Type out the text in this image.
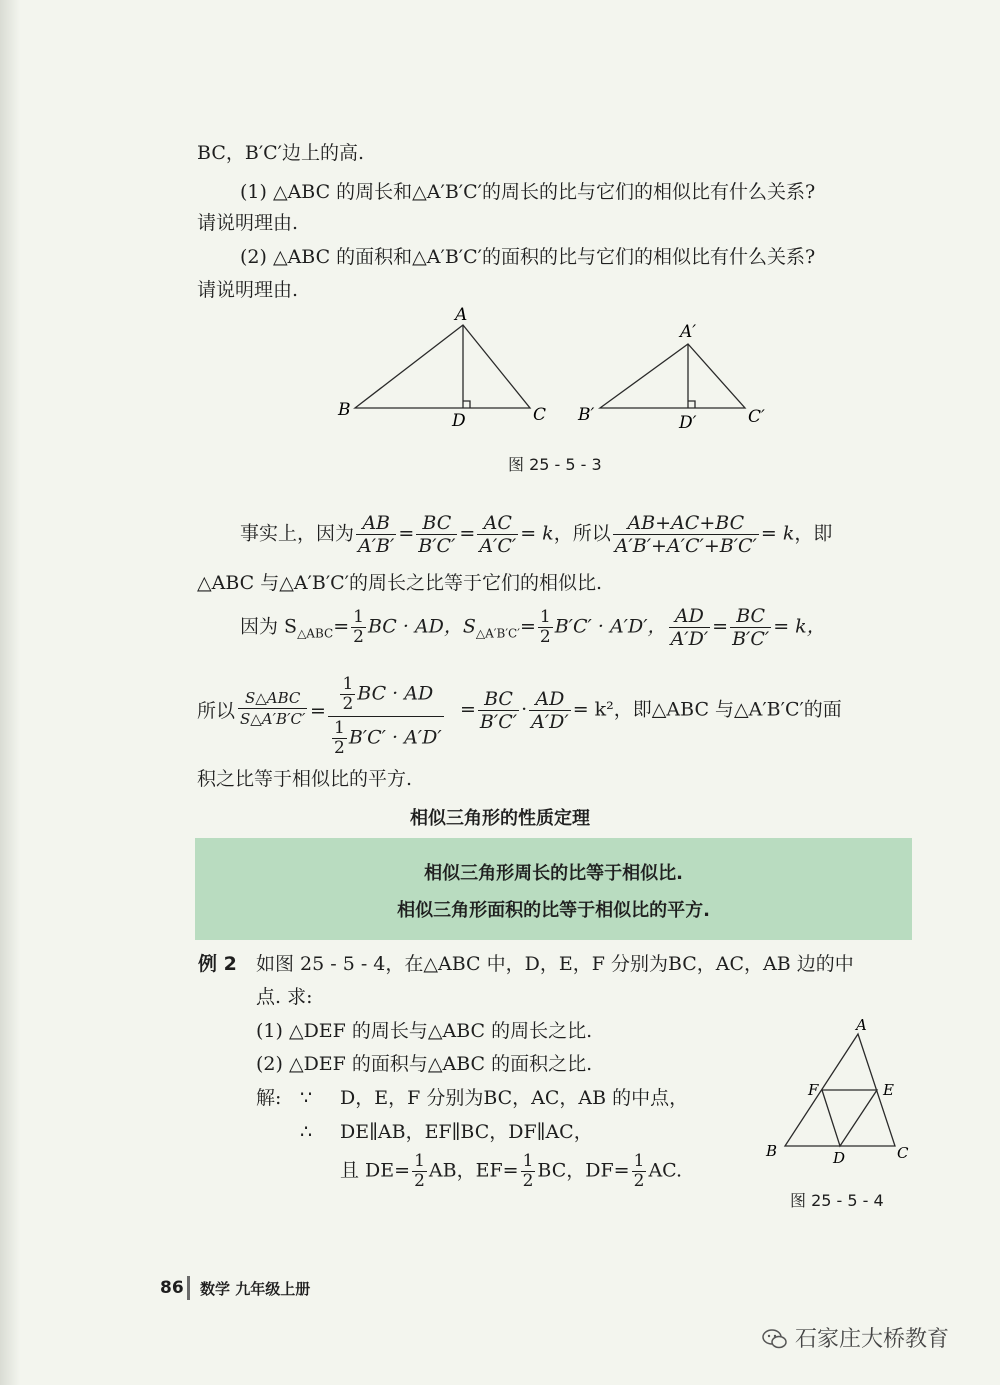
BC，B′C′边上的高.
(1) △ABC 的周长和△A′B′C′的周长的比与它们的相似比有什么关系?
请说明理由.
(2) △ABC 的面积和△A′B′C′的面积的比与它们的相似比有什么关系?
请说明理由.
A
B	C
D
A′
B′	C′
D′
图 25 - 5 - 3
事实上，因为 $\frac{AB}{A'B'} = \frac{BC}{B'C'} = \frac{AC}{A'C'} = k$，所以 $\frac{AB+AC+BC}{A'B'+A'C'+B'C'} = k$，即
△ABC 与△A′B′C′的周长之比等于它们的相似比.
因为 $S_{\triangle ABC}= \frac{1}{2}$ BC · AD，$S_{\triangle A'B'C'}= \frac{1}{2} B'C' \cdot A'D'$， $\frac{AD}{A'D'} = \frac{BC}{B'C'} = k$，
所以
S△ABC
S△A′B′C′ = $\frac{\frac{1}{2} BC \cdot AD}{\frac{1}{2} B'C' \cdot A'D'} = \frac{BC}{B'C'} \cdot \frac{AD}{A'D'} = k^2$，即△ABC 与△A′B′C′的面
积之比等于相似比的平方.
相似三角形的性质定理
相似三角形周长的比等于相似比.
相似三角形面积的比等于相似比的平方.
例 2 如图 25 - 5 - 4，在△ABC 中，D，E，F 分别为BC，AC，AB 边的中
点. 求:
(1) △DEF 的周长与△ABC 的周长之比.
(2) △DEF 的面积与△ABC 的面积之比.
解: ∵ D，E，F 分别为BC，AC，AB 的中点，
∴ DE∥AB，EF∥BC，DF∥AC，
且 $DE= \frac{1}{2}$ AB，$EF= \frac{1}{2}$ BC，$DF= \frac{1}{2}$ AC.
A
B	C
D
E
F
图 25 - 5 - 4
86 数学 九年级上册
石家庄大桥教育
